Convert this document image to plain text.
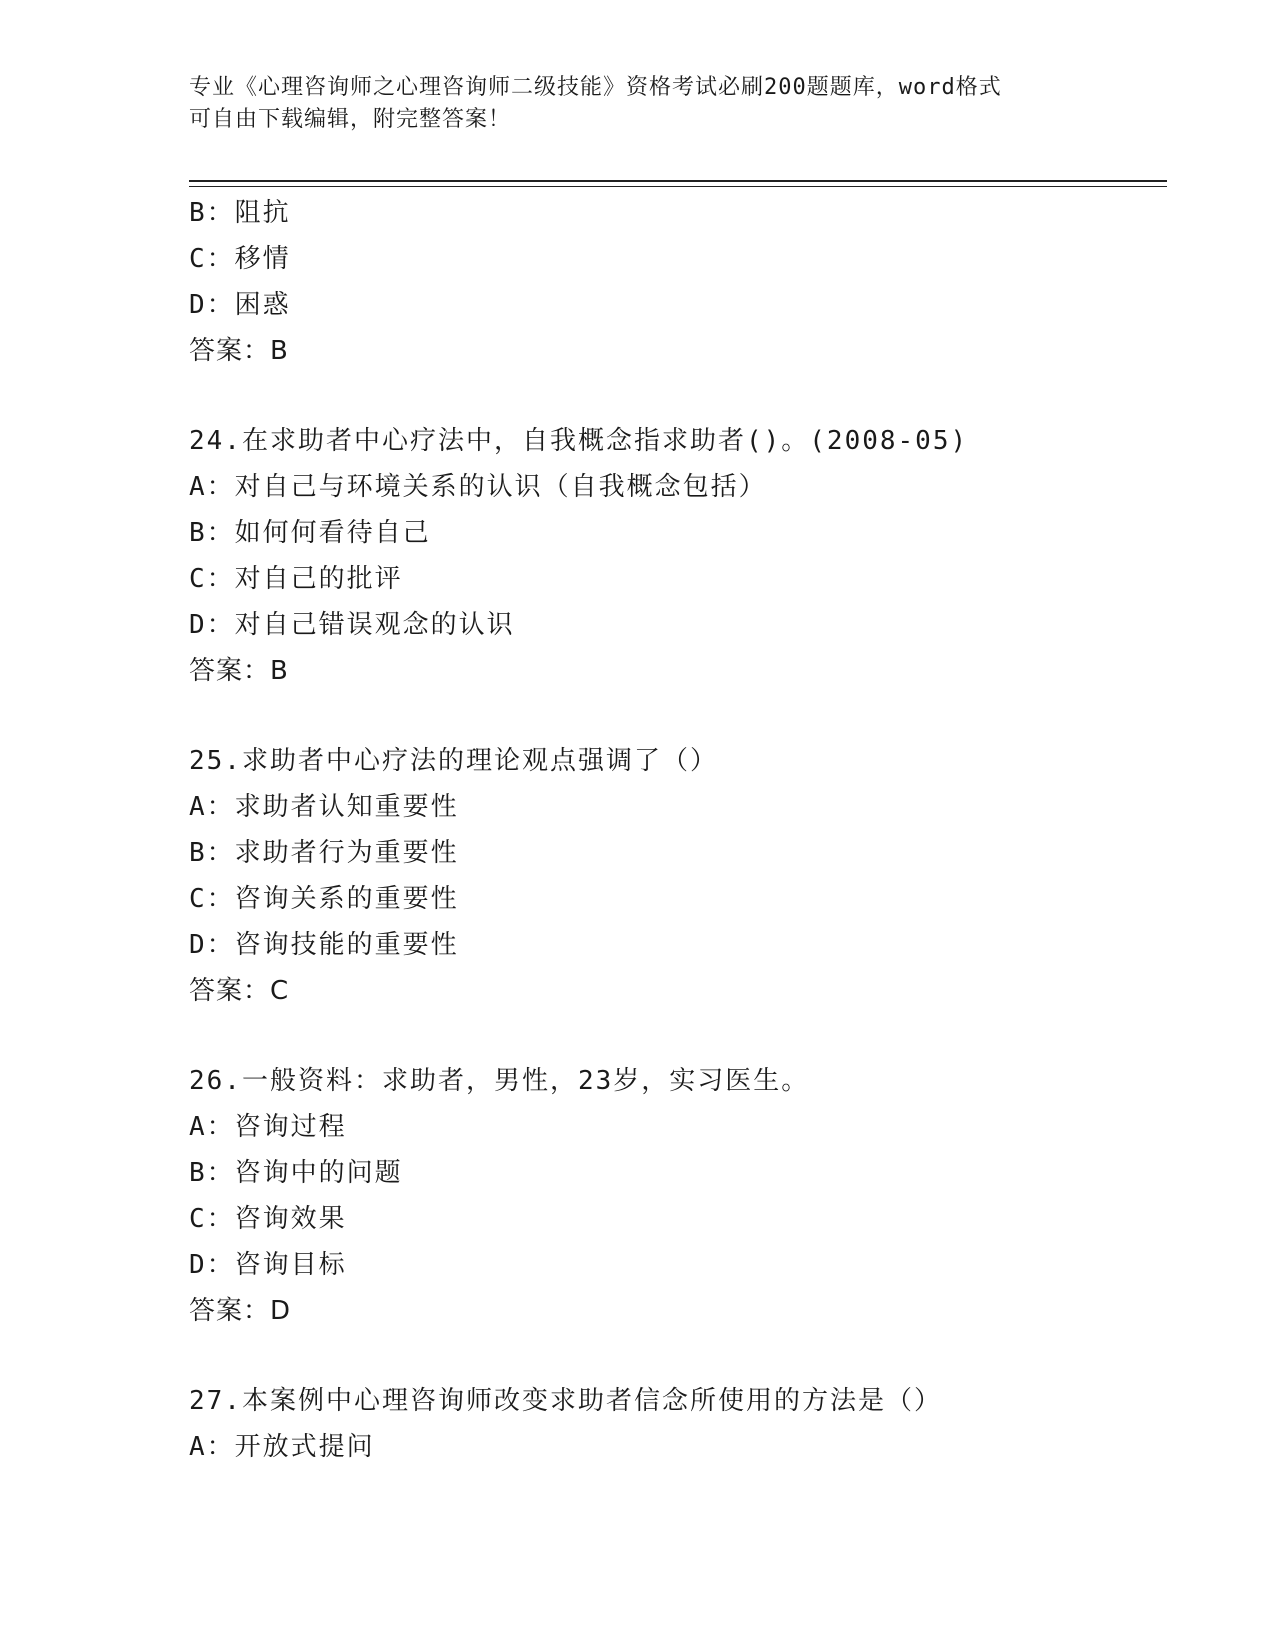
专业《心理咨询师之心理咨询师二级技能》资格考试必刷200题题库，word格式
可自由下载编辑，附完整答案！
B：阻抗
C：移情
D：困惑
答案：B
24.在求助者中心疗法中，自我概念指求助者()。(2008-05)
A：对自己与环境关系的认识（自我概念包括）
B：如何何看待自己
C：对自己的批评
D：对自己错误观念的认识
答案：B
25.求助者中心疗法的理论观点强调了（）
A：求助者认知重要性
B：求助者行为重要性
C：咨询关系的重要性
D：咨询技能的重要性
答案：C
26.一般资料：求助者，男性，23岁，实习医生。
A：咨询过程
B：咨询中的问题
C：咨询效果
D：咨询目标
答案：D
27.本案例中心理咨询师改变求助者信念所使用的方法是（）
A：开放式提问
